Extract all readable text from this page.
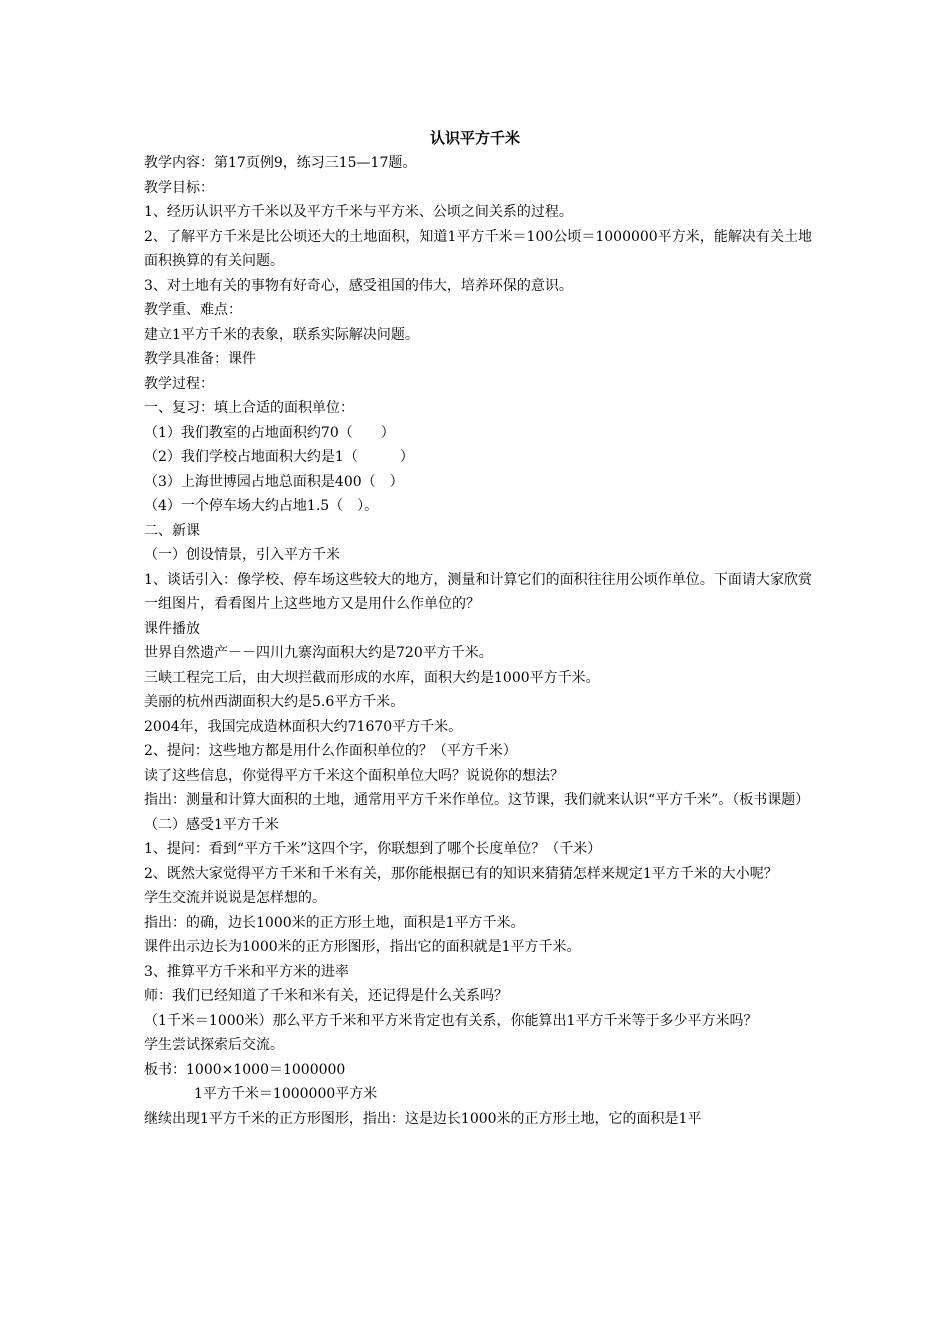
认识平方千米

教学内容：第17页例9，练习三15—17题。

教学目标：

1、经历认识平方千米以及平方千米与平方米、公顷之间关系的过程。

2、了解平方千米是比公顷还大的土地面积，知道1平方千米＝100公顷＝1000000平方米，能解决有关土地面积换算的有关问题。

3、对土地有关的事物有好奇心，感受祖国的伟大，培养环保的意识。

教学重、难点：

建立1平方千米的表象，联系实际解决问题。

教学具准备：课件

教学过程：

一、复习：填上合适的面积单位：

（1）我们教室的占地面积约70（　　）

（2）我们学校占地面积大约是1（　　　）

（3）上海世博园占地总面积是400（　）

（4）一个停车场大约占地1.5（　）。

二、新课

（一）创设情景，引入平方千米

1、谈话引入：像学校、停车场这些较大的地方，测量和计算它们的面积往往用公顷作单位。下面请大家欣赏一组图片，看看图片上这些地方又是用什么作单位的？

课件播放

世界自然遗产－－四川九寨沟面积大约是720平方千米。

三峡工程完工后，由大坝拦截而形成的水库，面积大约是1000平方千米。

美丽的杭州西湖面积大约是5.6平方千米。

2004年，我国完成造林面积大约71670平方千米。

2、提问：这些地方都是用什么作面积单位的？（平方千米）

读了这些信息，你觉得平方千米这个面积单位大吗？说说你的想法？

指出：测量和计算大面积的土地，通常用平方千米作单位。这节课，我们就来认识“平方千米”。（板书课题）

（二）感受1平方千米

1、提问：看到“平方千米”这四个字，你联想到了哪个长度单位？（千米）

2、既然大家觉得平方千米和千米有关，那你能根据已有的知识来猜猜怎样来规定1平方千米的大小呢？

学生交流并说说是怎样想的。

指出：的确，边长1000米的正方形土地，面积是1平方千米。

课件出示边长为1000米的正方形图形，指出它的面积就是1平方千米。

3、推算平方千米和平方米的进率

师：我们已经知道了千米和米有关，还记得是什么关系吗？

（1千米＝1000米）那么平方千米和平方米肯定也有关系，你能算出1平方千米等于多少平方米吗？

学生尝试探索后交流。

板书：1000×1000＝1000000

1平方千米＝1000000平方米

继续出现1平方千米的正方形图形，指出：这是边长1000米的正方形土地，它的面积是1平
